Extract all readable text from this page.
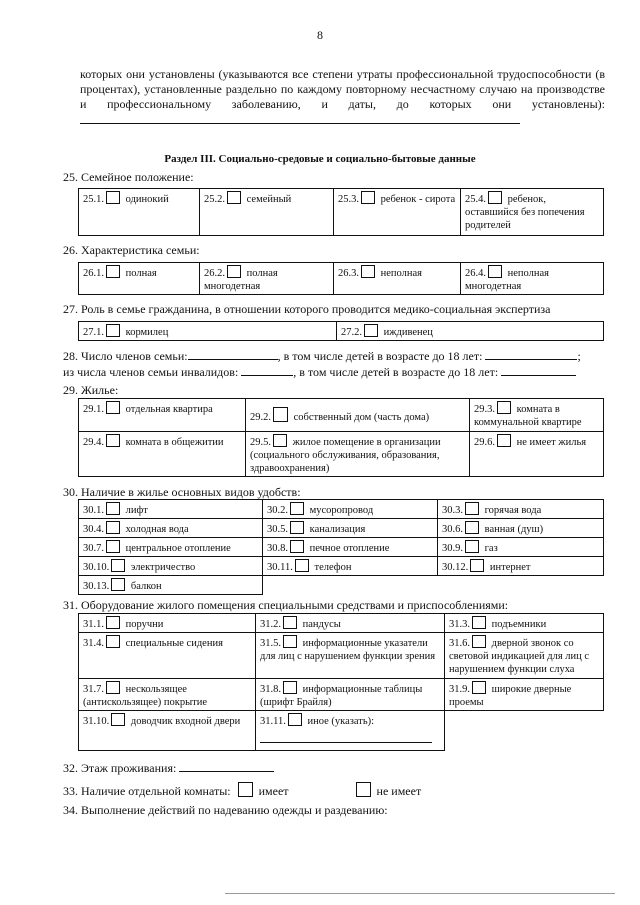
8
которых они установлены (указываются все степени утраты профессиональной трудоспособности (в процентах), установленные раздельно по каждому повторному несчастному случаю на производстве и профессиональному заболеванию, и даты, до которых они установлены):
Раздел III. Социально-средовые и социально-бытовые данные
25. Семейное положение:
25.1. одинокий	25.2. семейный	25.3. ребенок - сирота	25.4. ребенок, оставшийся без попечения родителей
26. Характеристика семьи:
26.1. полная	26.2. полная многодетная	26.3. неполная	26.4. неполная многодетная
27. Роль в семье гражданина, в отношении которого проводится медико-социальная экспертиза
27.1. кормилец	27.2. иждивенец
28. Число членов семьи:	, в том числе детей в возрасте до 18 лет:	;
из числа членов семьи инвалидов:	, в том числе детей в возрасте до 18 лет:
29. Жилье:
29.1. отдельная квартира	29.2. собственный дом (часть дома)	29.3. комната в коммунальной квартире
29.4. комната в общежитии	29.5. жилое помещение в организации (социального обслуживания, образования, здравоохранения)	29.6. не имеет жилья
30. Наличие в жилье основных видов удобств:
30.1. лифт	30.2. мусоропровод	30.3. горячая вода
30.4. холодная вода	30.5. канализация	30.6. ванная (душ)
30.7. центральное отопление	30.8. печное отопление	30.9. газ
30.10. электричество	30.11. телефон	30.12. интернет
30.13. балкон		
31. Оборудование жилого помещения специальными средствами и приспособлениями:
31.1. поручни	31.2. пандусы	31.3. подъемники
31.4. специальные сидения	31.5. информационные указатели для лиц с нарушением функции зрения	31.6. дверной звонок со световой индикацией для лиц с нарушением функции слуха
31.7. нескользящее (антискользящее) покрытие	31.8. информационные таблицы (шрифт Брайля)	31.9. широкие дверные проемы
31.10. доводчик входной двери	31.11. иное (указать):

32. Этаж проживания:
33. Наличие отдельной комнаты: имеет	не имеет
34. Выполнение действий по надеванию одежды и раздеванию:
